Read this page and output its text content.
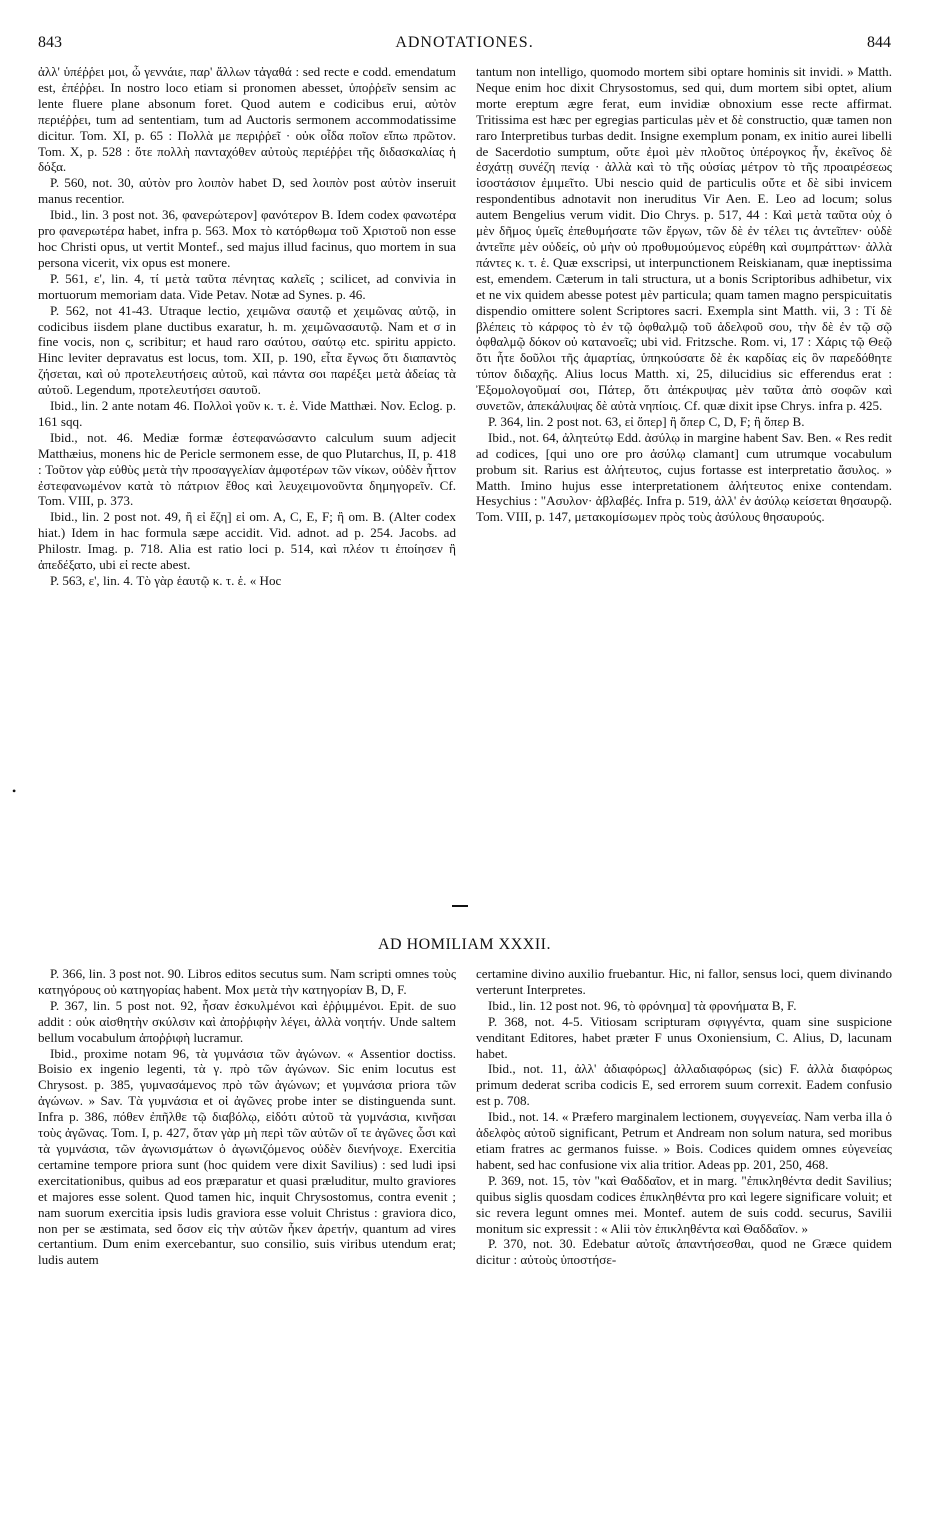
843	ADNOTATIONES.	844

ἀλλ' ὑπέῤῥει μοι, ὦ γεννάιε, παρ' ἄλλων τἀγαθά : sed recte e codd. emendatum est, ἐπέῤῥει. In nostro loco etiam si pronomen abesset, ὑποῤῥεῖν sensim ac lente fluere plane absonum foret. Quod autem e codicibus erui, αὐτὸν περιέῤῥει, tum ad sententiam, tum ad Auctoris sermonem accommodatissime dicitur. Tom. XI, p. 65 : Πολλὰ με περιῤῥεῖ · οὐκ οἶδα ποῖον εἴπω πρῶτον. Tom. X, p. 528 : ὅτε πολλὴ πανταχόθεν αὐτοὺς περιέῤῥει τῆς διδασκαλίας ἡ δόξα.

P. 560, not. 30, αὐτὸν pro λοιπὸν habet D, sed λοιπὸν post αὐτὸν inseruit manus recentior.

Ibid., lin. 3 post not. 36, φανερώτερον] φανότερον B. Idem codex φανωτέρα pro φανερωτέρα habet, infra p. 563. Mox τὸ κατόρθωμα τοῦ Χριστοῦ non esse hoc Christi opus, ut vertit Montef., sed majus illud facinus, quo mortem in sua persona vicerit, vix opus est monere.

P. 561, ε', lin. 4, τί μετὰ ταῦτα πένητας καλεῖς ; scilicet, ad convivia in mortuorum memoriam data. Vide Petav. Notæ ad Synes. p. 46.

P. 562, not 41-43. Utraque lectio, χειμῶνα σαυτῷ et χειμῶνας αὐτῷ, in codicibus iisdem plane ductibus exaratur, h. m. χειμῶνασαυτῷ. Nam et σ in fine vocis, non ς, scribitur; et haud raro σαύτου, σαύτῳ etc. spiritu appicto. Hinc leviter depravatus est locus, tom. XII, p. 190, εἶτα ἔγνως ὅτι διαπαντὸς ζήσεται, καὶ οὐ προτελευτήσεις αὐτοῦ, καὶ πάντα σοι παρέξει μετὰ ἀδείας τὰ αὐτοῦ. Legendum, προτελευτήσει σαυτοῦ.

Ibid., lin. 2 ante notam 46. Πολλοὶ γοῦν κ. τ. ἑ. Vide Matthæi. Nov. Eclog. p. 161 sqq.

Ibid., not. 46. Mediæ formæ ἐστεφανώσαντο calculum suum adjecit Matthæius, monens hic de Pericle sermonem esse, de quo Plutarchus, II, p. 418 : Τοῦτον γὰρ εὐθὺς μετὰ τὴν προσαγγελίαν ἀμφοτέρων τῶν νίκων, οὐδὲν ἧττον ἐστεφανωμένον κατὰ τὸ πάτριον ἔθος καὶ λευχειμονοῦντα δημηγορεῖν. Cf. Tom. VIII, p. 373.

Ibid., lin. 2 post not. 49, ἢ εἰ ἔζη] εἰ om. A, C, E, F; ἢ om. B. (Alter codex hiat.) Idem in hac formula sæpe accidit. Vid. adnot. ad p. 254. Jacobs. ad Philostr. Imag. p. 718. Alia est ratio loci p. 514, καὶ πλέον τι ἐποίησεν ἢ ἀπεδέξατο, ubi εἰ recte abest.

P. 563, ε', lin. 4. Τὸ γὰρ ἑαυτῷ κ. τ. ἑ. « Hoc

•

tantum non intelligo, quomodo mortem sibi optare hominis sit invidi. » Matth. Neque enim hoc dixit Chrysostomus, sed qui, dum mortem sibi optet, alium morte ereptum ægre ferat, eum invidiæ obnoxium esse recte affirmat. Tritissima est hæc per egregias particulas μὲν et δὲ constructio, quæ tamen non raro Interpretibus turbas dedit. Insigne exemplum ponam, ex initio aurei libelli de Sacerdotio sumptum, οὔτε ἐμοὶ μὲν πλοῦτος ὑπέρογκος ἦν, ἐκεῖνος δὲ ἐσχάτῃ συνέζη πενίᾳ · ἀλλὰ καὶ τὸ τῆς οὐσίας μέτρον τὸ τῆς προαιρέσεως ἰσοστάσιον ἐμιμεῖτο. Ubi nescio quid de particulis οὔτε et δὲ sibi invicem respondentibus adnotavit non ineruditus Vir Aen. E. Leo ad locum; solus autem Bengelius verum vidit. Dio Chrys. p. 517, 44 : Καὶ μετὰ ταῦτα οὐχ ὁ μὲν δῆμος ὑμεῖς ἐπεθυμήσατε τῶν ἔργων, τῶν δὲ ἐν τέλει τις ἀντεῖπεν· οὐδὲ ἀντεῖπε μὲν οὐδείς, οὐ μὴν οὐ προθυμούμενος εὑρέθη καὶ συμπράττων· ἀλλὰ πάντες κ. τ. ἑ. Quæ exscripsi, ut interpunctionem Reiskianam, quæ ineptissima est, emendem. Cæterum in tali structura, ut a bonis Scriptoribus adhibetur, vix et ne vix quidem abesse potest μὲν particula; quam tamen magno perspicuitatis dispendio omittere solent Scriptores sacri. Exempla sint Matth. vii, 3 : Τί δὲ βλέπεις τὸ κάρφος τὸ ἐν τῷ ὀφθαλμῷ τοῦ ἀδελφοῦ σου, τὴν δὲ ἐν τῷ σῷ ὀφθαλμῷ δόκον οὐ κατανοεῖς; ubi vid. Fritzsche. Rom. vi, 17 : Χάρις τῷ Θεῷ ὅτι ἦτε δοῦλοι τῆς ἁμαρτίας, ὑπηκούσατε δὲ ἐκ καρδίας εἰς ὃν παρεδόθητε τύπον διδαχῆς. Alius locus Matth. xi, 25, dilucidius sic efferendus erat : Ἐξομολογοῦμαί σοι, Πάτερ, ὅτι ἀπέκρυψας μὲν ταῦτα ἀπὸ σοφῶν καὶ συνετῶν, ἀπεκάλυψας δὲ αὐτὰ νηπίοις. Cf. quæ dixit ipse Chrys. infra p. 425.

P. 364, lin. 2 post not. 63, εἰ ὅπερ] ἢ ὅπερ C, D, F; ἢ ὅπερ B.

Ibid., not. 64, ἀλητεύτῳ Edd. ἀσύλῳ in margine habent Sav. Ben. « Res redit ad codices, [qui uno ore pro ἀσύλῳ clamant] cum utrumque vocabulum probum sit. Rarius est ἀλήτευτος, cujus fortasse est interpretatio ἄσυλος. » Matth. Imino hujus esse interpretationem ἀλήτευτος enixe contendam. Hesychius : "Ασυλον· ἀβλαβές. Infra p. 519, ἀλλ' ἐν ἀσύλῳ κείσεται θησαυρῷ. Tom. VIII, p. 147, μετακομίσωμεν πρὸς τοὺς ἀσύλους θησαυρούς.

AD HOMILIAM XXXII.

P. 366, lin. 3 post not. 90. Libros editos secutus sum. Nam scripti omnes τοὺς κατηγόρους οὐ κατηγορίας habent. Mox μετὰ τὴν κατηγορίαν B, D, F.

P. 367, lin. 5 post not. 92, ἦσαν ἐσκυλμένοι καὶ ἐῤῥιμμένοι. Epit. de suo addit : οὐκ αἰσθητὴν σκύλσιν καὶ ἀποῤῥιφὴν λέγει, ἀλλὰ νοητήν. Unde saltem bellum vocabulum ἀποῤῥιφὴ lucramur.

Ibid., proxime notam 96, τὰ γυμνάσια τῶν ἀγώνων. « Assentior doctiss. Boisio ex ingenio legenti, τὰ γ. πρὸ τῶν ἀγώνων. Sic enim locutus est Chrysost. p. 385, γυμνασάμενος πρὸ τῶν ἀγώνων; et γυμνάσια priora τῶν ἀγώνων. » Sav. Τὰ γυμνάσια et οἱ ἀγῶνες probe inter se distinguenda sunt. Infra p. 386, πόθεν ἐπῆλθε τῷ διαβόλῳ, εἰδότι αὐτοῦ τὰ γυμνάσια, κινῆσαι τοὺς ἀγῶνας. Tom. I, p. 427, ὅταν γὰρ μὴ περὶ τῶν αὐτῶν οἵ τε ἀγῶνες ὦσι καὶ τὰ γυμνάσια, τῶν ἀγωνισμάτων ὁ ἀγωνιζόμενος οὐδὲν διενήνοχε. Exercitia certamine tempore priora sunt (hoc quidem vere dixit Savilius) : sed ludi ipsi exercitationibus, quibus ad eos præparatur et quasi præluditur, multo graviores et majores esse solent. Quod tamen hic, inquit Chrysostomus, contra evenit ; nam suorum exercitia ipsis ludis graviora esse voluit Christus : graviora dico, non per se æstimata, sed ὅσον εἰς τὴν αὐτῶν ἧκεν ἀρετήν, quantum ad vires certantium. Dum enim exercebantur, suo consilio, suis viribus utendum erat; ludis autem

certamine divino auxilio fruebantur. Hic, ni fallor, sensus loci, quem divinando verterunt Interpretes.

Ibid., lin. 12 post not. 96, τὸ φρόνημα] τὰ φρονήματα B, F.

P. 368, not. 4-5. Vitiosam scripturam σφιγγέντα, quam sine suspicione venditant Editores, habet præter F unus Oxoniensium, C. Alius, D, lacunam habet.

Ibid., not. 11, ἀλλ' ἀδιαφόρως] ἀλλαδιαφόρως (sic) F. ἀλλὰ διαφόρως primum dederat scriba codicis E, sed errorem suum correxit. Eadem confusio est p. 708.

Ibid., not. 14. « Præfero marginalem lectionem, συγγενείας. Nam verba illa ὁ ἀδελφὸς αὐτοῦ significant, Petrum et Andream non solum natura, sed moribus etiam fratres ac germanos fuisse. » Bois. Codices quidem omnes εὐγενείας habent, sed hac confusione vix alia tritior. Adeas pp. 201, 250, 468.

P. 369, not. 15, τὸν "καὶ Θαδδαῖον, et in marg. "ἐπικληθέντα dedit Savilius; quibus siglis quosdam codices ἐπικληθέντα pro καὶ legere significare voluit; et sic revera legunt omnes mei. Montef. autem de suis codd. securus, Savilii monitum sic expressit : « Alii τὸν ἐπικληθέντα καὶ Θαδδαῖον. »

P. 370, not. 30. Edebatur αὐτοῖς ἀπαντήσεσθαι, quod ne Græce quidem dicitur : αὐτοὺς ὑποστήσε-
